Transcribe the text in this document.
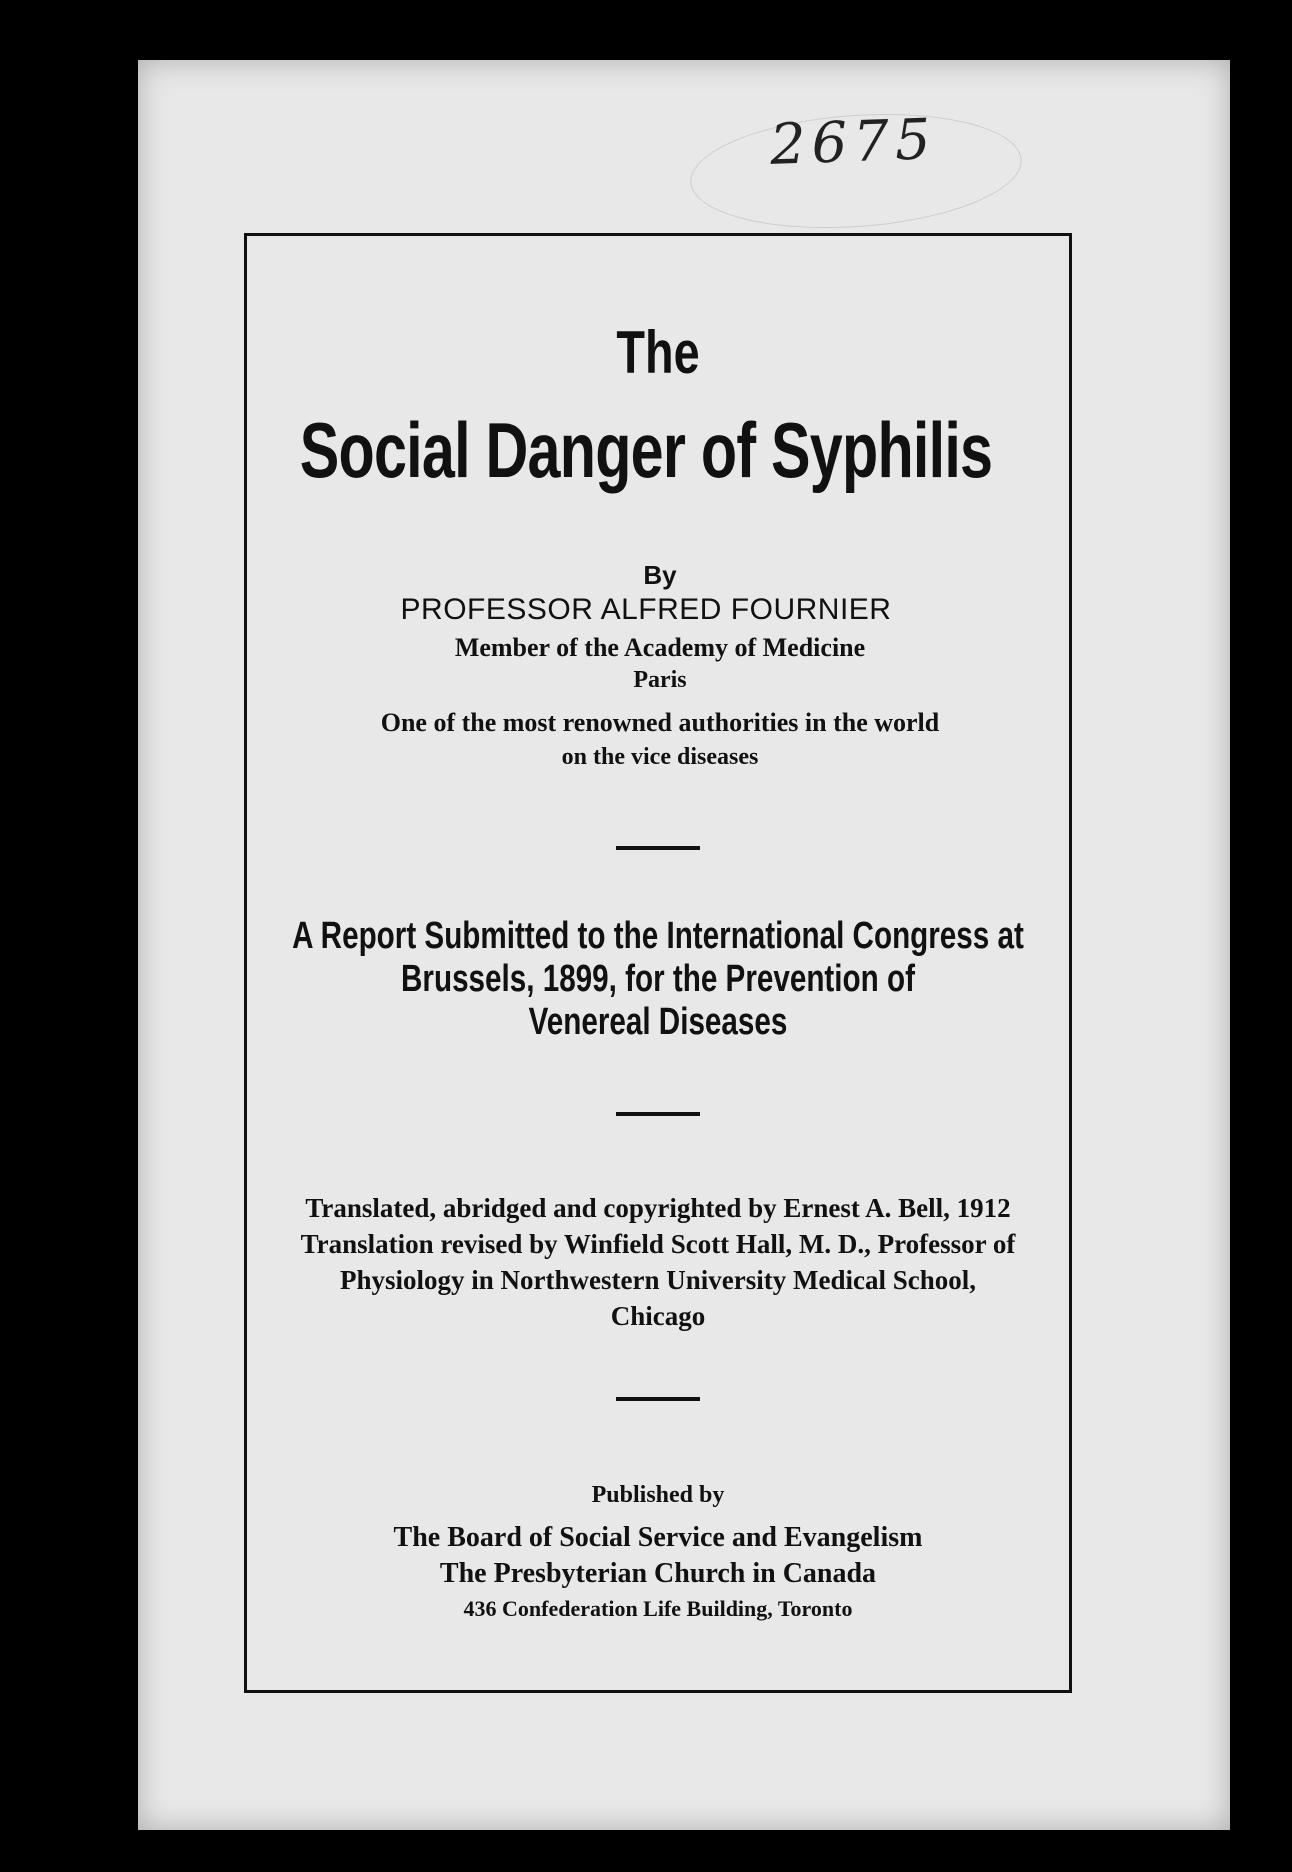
2675
The
Social Danger of Syphilis
By
PROFESSOR ALFRED FOURNIER
Member of the Academy of Medicine
Paris
One of the most renowned authorities in the world
on the vice diseases
A Report Submitted to the International Congress at
Brussels, 1899, for the Prevention of
Venereal Diseases
Translated, abridged and copyrighted by Ernest A. Bell, 1912
Translation revised by Winfield Scott Hall, M. D., Professor of
Physiology in Northwestern University Medical School,
Chicago
Published by
The Board of Social Service and Evangelism
The Presbyterian Church in Canada
436 Confederation Life Building, Toronto
